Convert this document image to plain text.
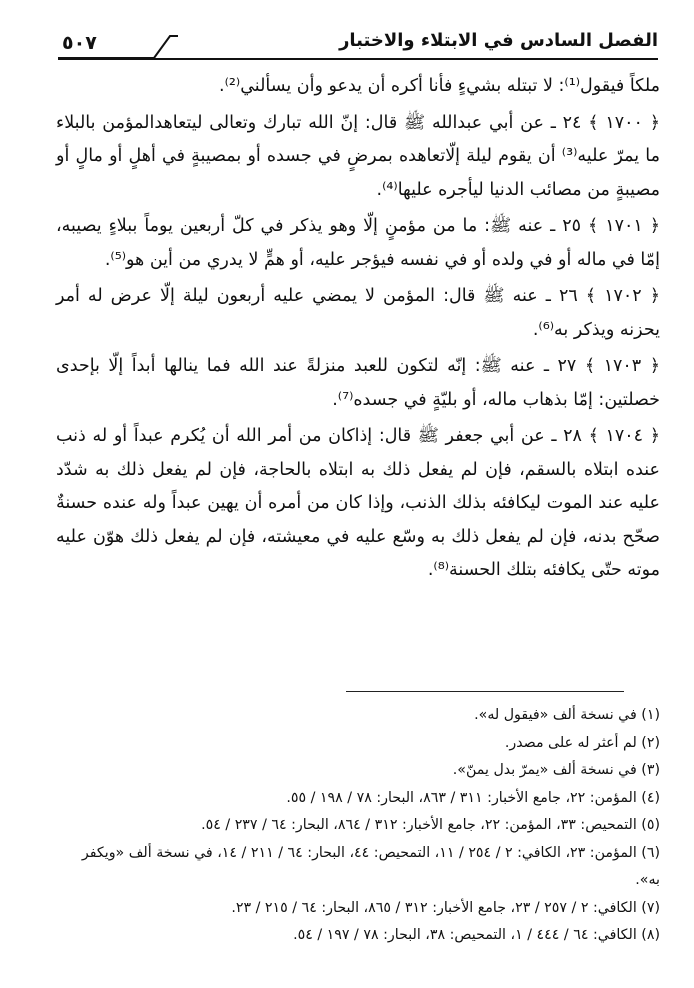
٥٠٧	الفصل السادس في الابتلاء والاختبار

ملكاً فيقول⁽¹⁾: لا تبتله بشيءٍ فأنا أكره أن يدعو وأن يسألني⁽²⁾.

﴿ ١٧٠٠ ﴾ ٢٤ ـ عن أبي عبدالله ﷺ قال: إنّ الله تبارك وتعالى ليتعاهدالمؤمن بالبلاء ما يمرّ عليه⁽³⁾ أن يقوم ليلة إلّاتعاهده بمرضٍ في جسده أو بمصيبةٍ في أهلٍ أو مالٍ أو مصيبةٍ من مصائب الدنيا ليأجره عليها⁽⁴⁾.

﴿ ١٧٠١ ﴾ ٢٥ ـ عنه ﷺ: ما من مؤمنٍ إلّا وهو يذكر في كلّ أربعين يوماً ببلاءٍ يصيبه، إمّا في ماله أو في ولده أو في نفسه فيؤجر عليه، أو همٍّ لا يدري من أين هو⁽⁵⁾.

﴿ ١٧٠٢ ﴾ ٢٦ ـ عنه ﷺ قال: المؤمن لا يمضي عليه أربعون ليلة إلّا عرض له أمر يحزنه ويذكر به⁽⁶⁾.

﴿ ١٧٠٣ ﴾ ٢٧ ـ عنه ﷺ: إنّه لتكون للعبد منزلةً عند الله فما ينالها أبداً إلّا بإحدى خصلتين: إمّا بذهاب ماله، أو بليّةٍ في جسده⁽⁷⁾.

﴿ ١٧٠٤ ﴾ ٢٨ ـ عن أبي جعفر ﷺ قال: إذاكان من أمر الله أن يُكرم عبداً أو له ذنب عنده ابتلاه بالسقم، فإن لم يفعل ذلك به ابتلاه بالحاجة، فإن لم يفعل ذلك به شدّد عليه عند الموت ليكافئه بذلك الذنب، وإذا كان من أمره أن يهين عبداً وله عنده حسنةٌ صحّح بدنه، فإن لم يفعل ذلك به وسّع عليه في معيشته، فإن لم يفعل ذلك هوّن عليه موته حتّى يكافئه بتلك الحسنة⁽⁸⁾.

(١) في نسخة ألف «فيقول له».

(٢) لم أعثر له على مصدر.

(٣) في نسخة ألف «يمرّ بدل يمنّ».

(٤) المؤمن: ٢٢، جامع الأخبار: ٣١١ / ٨٦٣، البحار: ٧٨ / ١٩٨ / ٥٥.

(٥) التمحيص: ٣٣، المؤمن: ٢٢، جامع الأخبار: ٣١٢ / ٨٦٤، البحار: ٦٤ / ٢٣٧ / ٥٤.

(٦) المؤمن: ٢٣، الكافي: ٢ / ٢٥٤ / ١١، التمحيص: ٤٤، البحار: ٦٤ / ٢١١ / ١٤، في نسخة ألف «ويكفر به».

(٧) الكافي: ٢ / ٢٥٧ / ٢٣، جامع الأخبار: ٣١٢ / ٨٦٥، البحار: ٦٤ / ٢١٥ / ٢٣.

(٨) الكافي: ٦٤ / ٤٤٤ / ١، التمحيص: ٣٨، البحار: ٧٨ / ١٩٧ / ٥٤.
